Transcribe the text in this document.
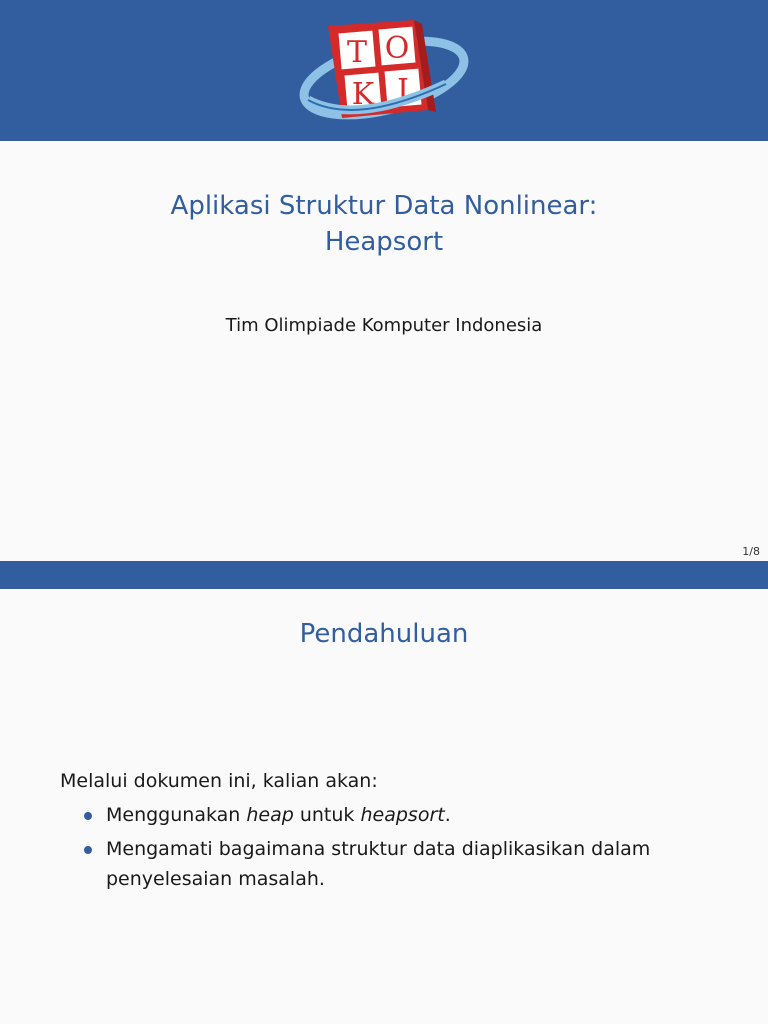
T O
K I
Aplikasi Struktur Data Nonlinear:
Heapsort
Tim Olimpiade Komputer Indonesia
1/8
Pendahuluan

Melalui dokumen ini, kalian akan:

Menggunakan heap untuk heapsort.
Mengamati bagaimana struktur data diaplikasikan dalam
penyelesaian masalah.
